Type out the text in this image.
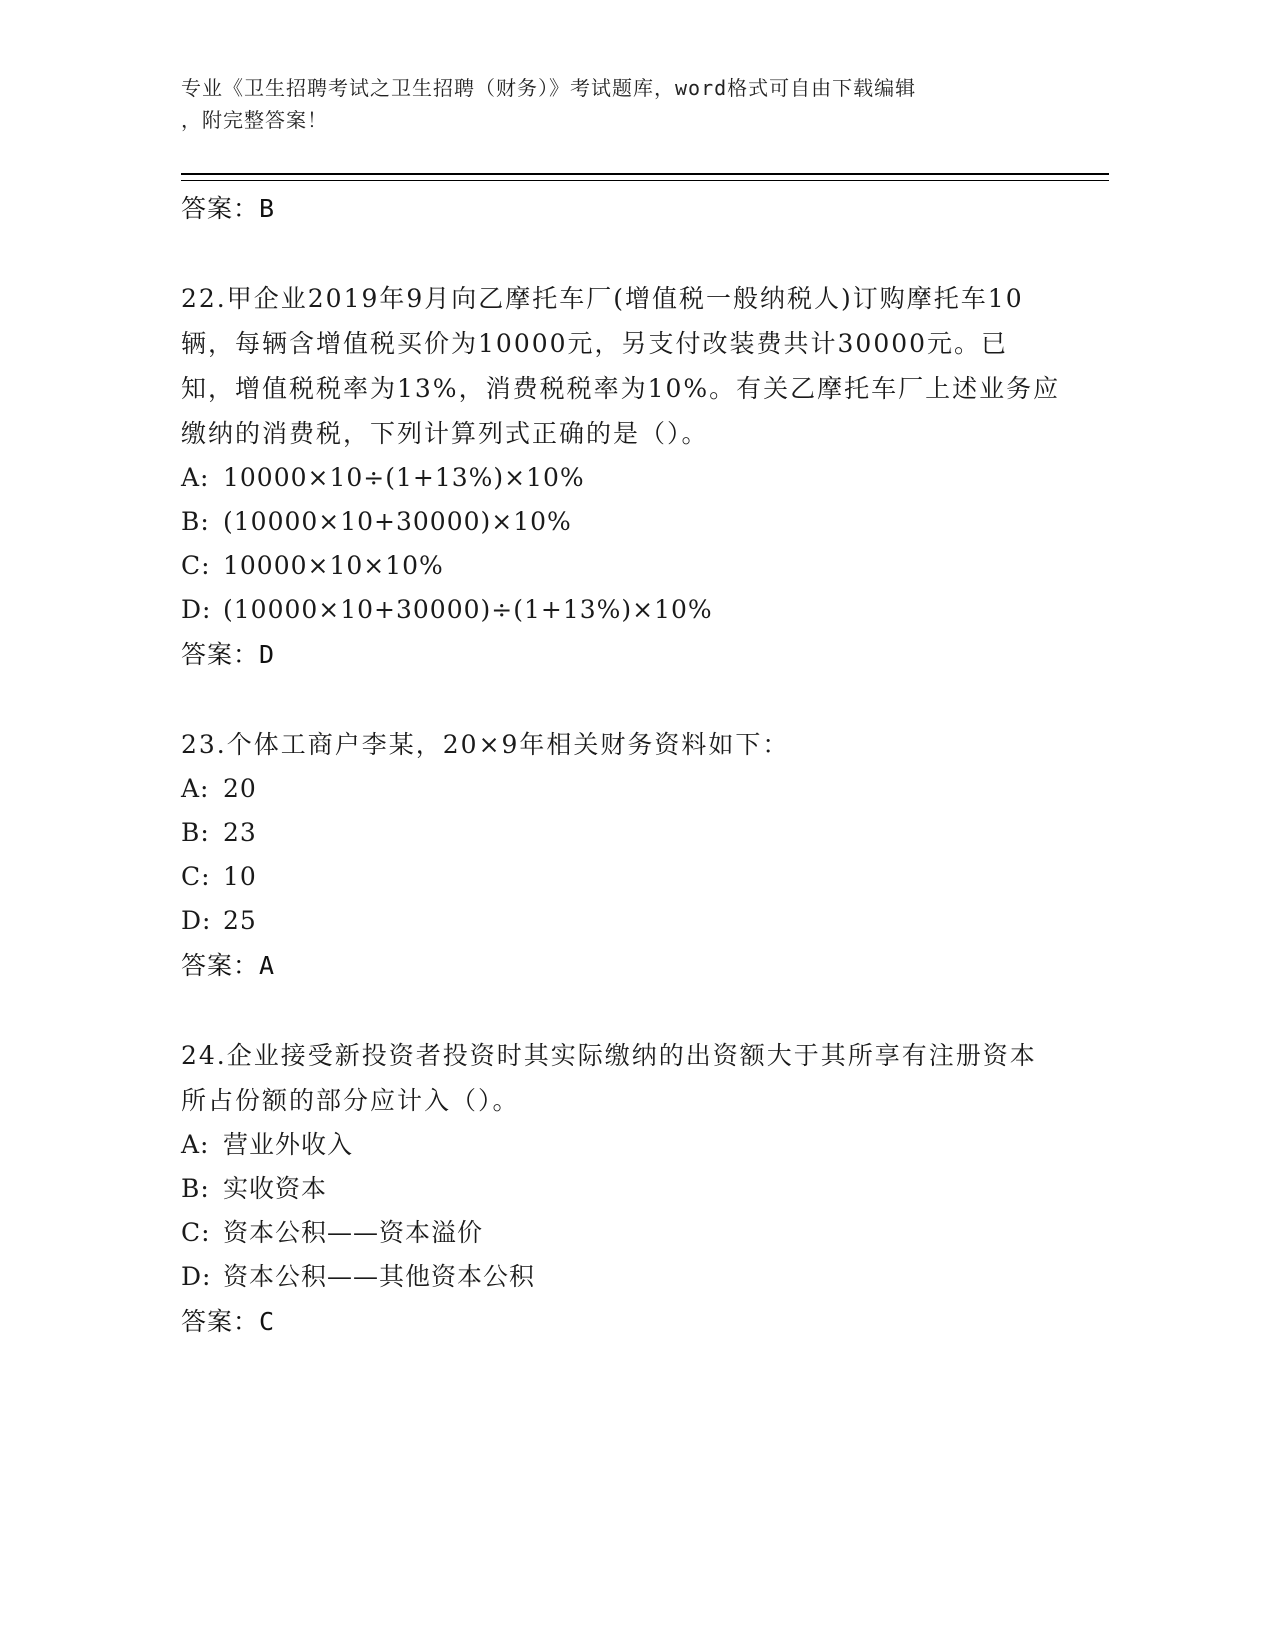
专业《卫生招聘考试之卫生招聘（财务）》考试题库，word格式可自由下载编辑
，附完整答案！
答案：B
22.甲企业2019年9月向乙摩托车厂(增值税一般纳税人)订购摩托车10辆，每辆含增值税买价为10000元，另支付改装费共计30000元。已知，增值税税率为13%，消费税税率为10%。有关乙摩托车厂上述业务应缴纳的消费税，下列计算列式正确的是（）。
A: 10000×10÷(1+13%)×10%
B: (10000×10+30000)×10%
C: 10000×10×10%
D: (10000×10+30000)÷(1+13%)×10%
答案：D
23.个体工商户李某，20×9年相关财务资料如下：
A: 20
B: 23
C: 10
D: 25
答案：A
24.企业接受新投资者投资时其实际缴纳的出资额大于其所享有注册资本所占份额的部分应计入（）。
A: 营业外收入
B: 实收资本
C: 资本公积——资本溢价
D: 资本公积——其他资本公积
答案：C
